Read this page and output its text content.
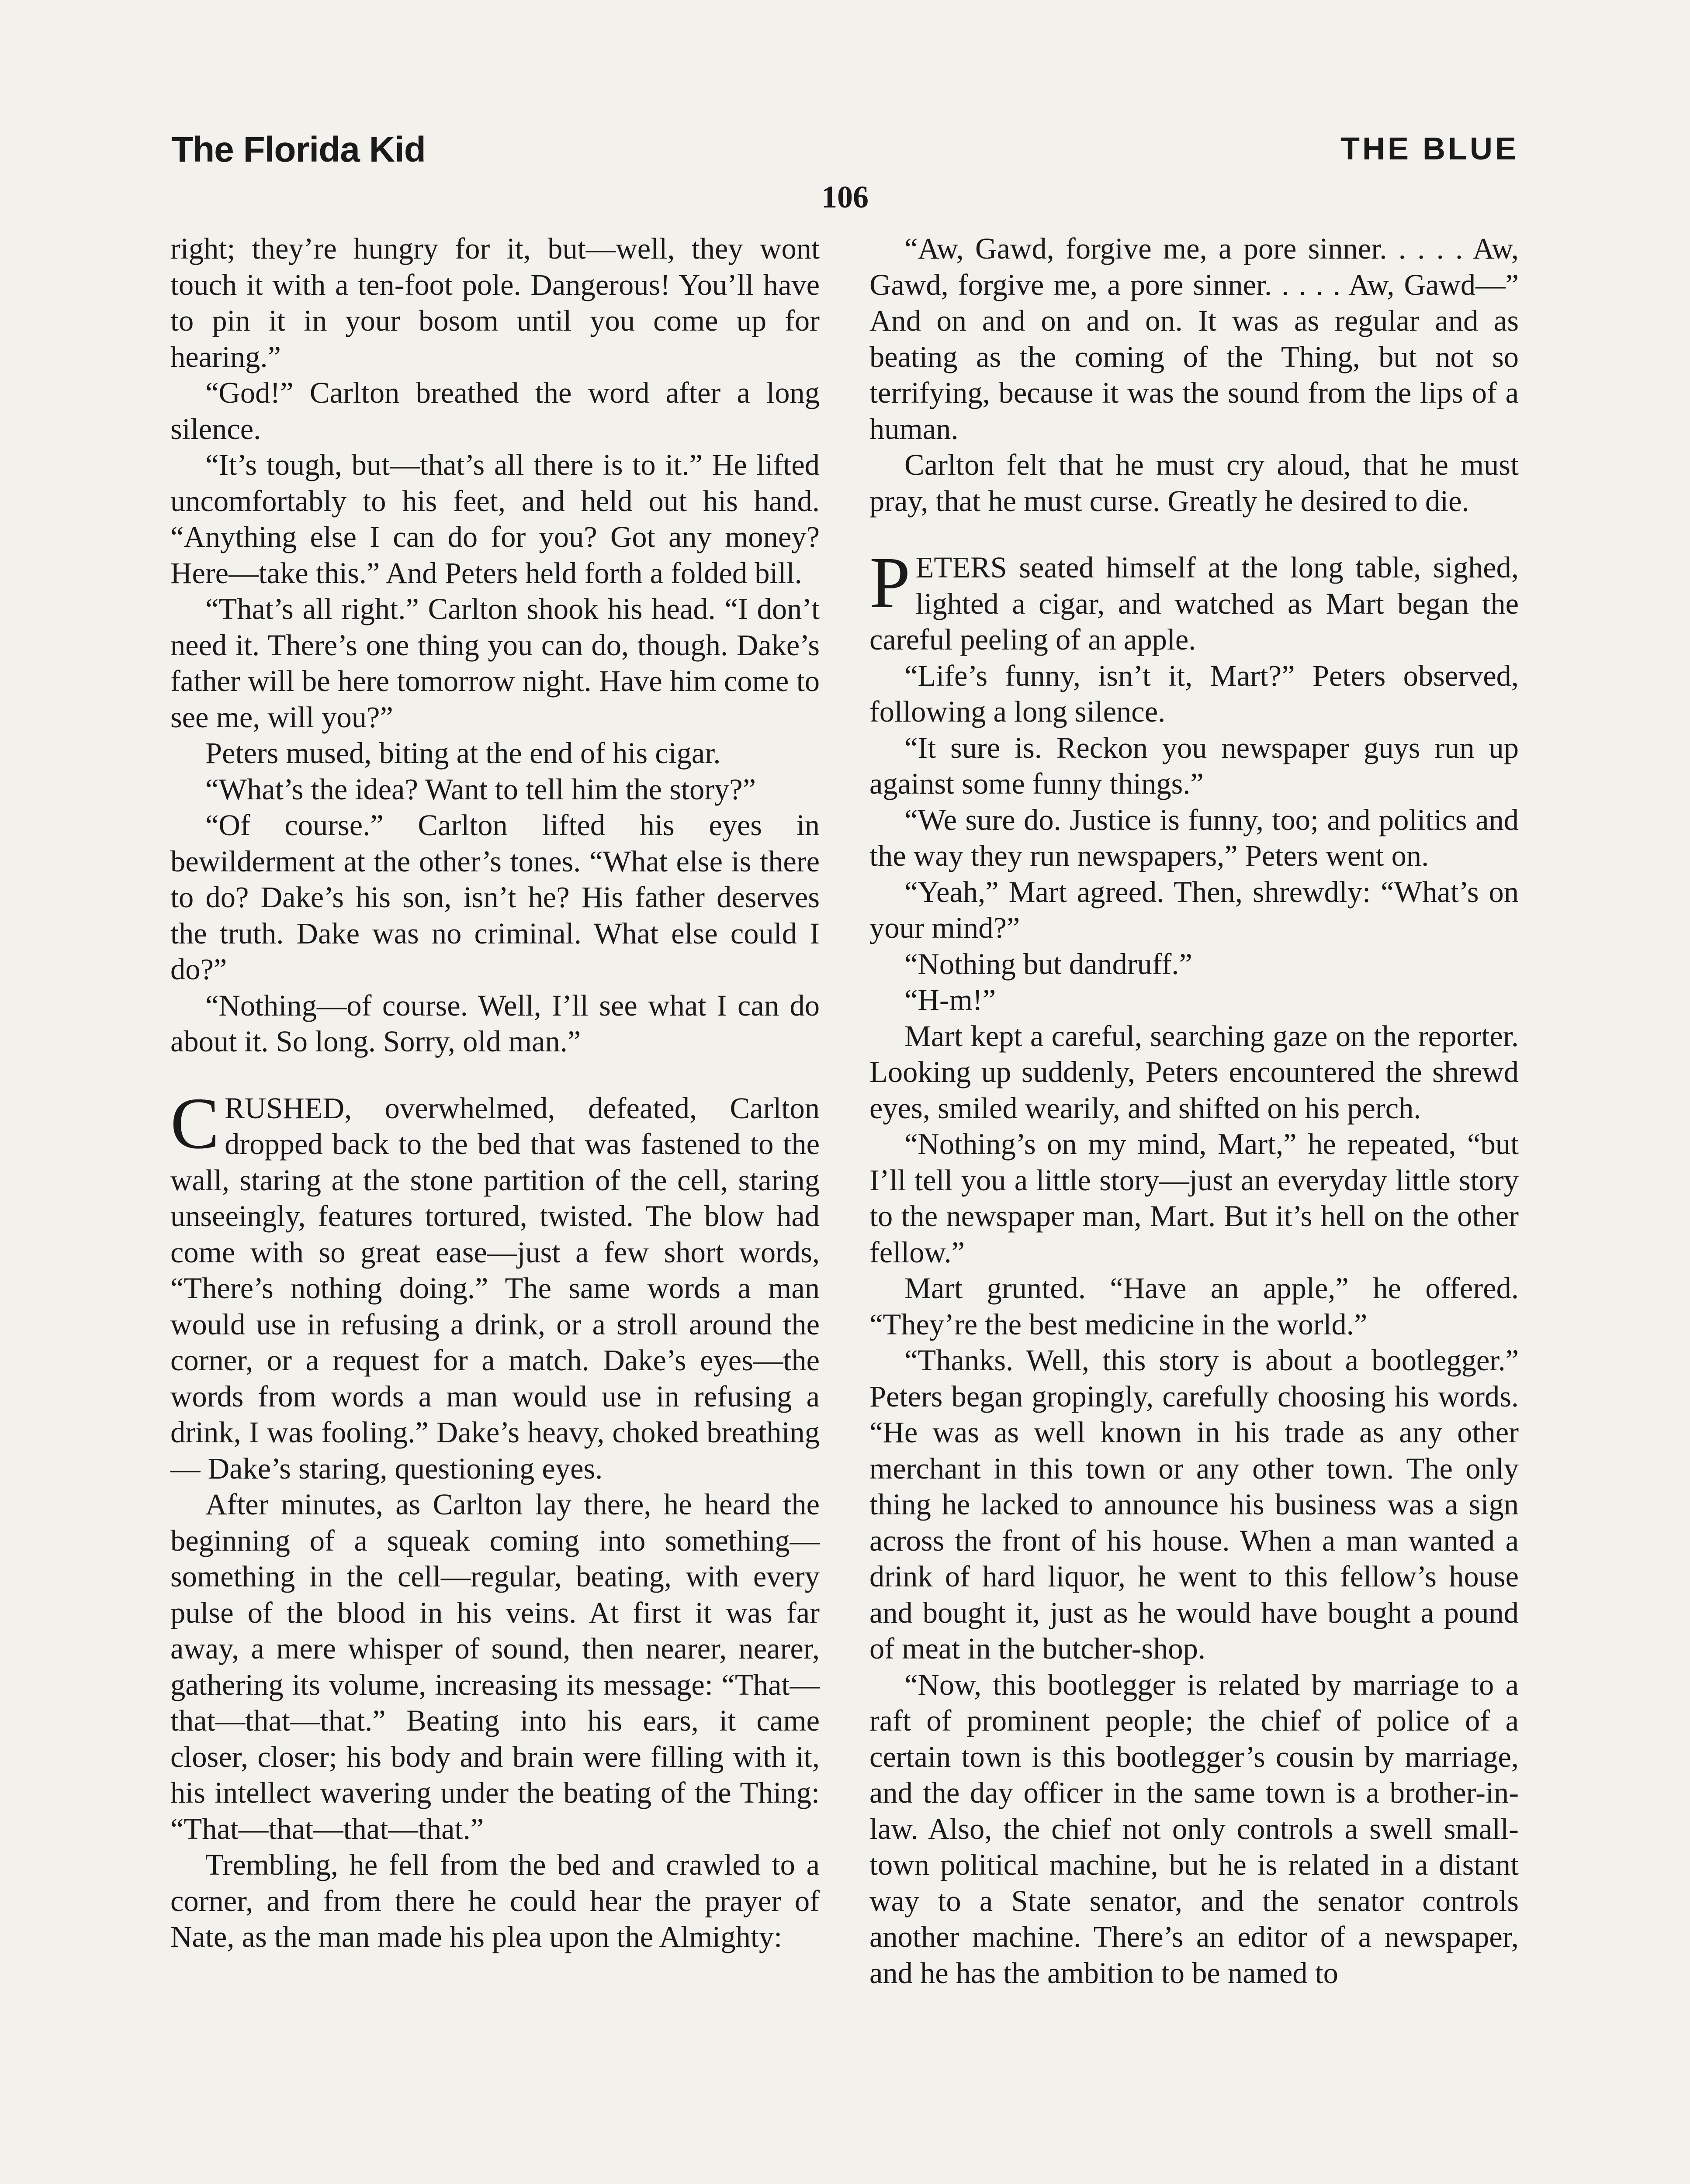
The Florida Kid	THE BLUE
106

right; they’re hungry for it, but—well, they wont touch it with a ten-foot pole. Dangerous! You’ll have to pin it in your bosom until you come up for hearing.”

“God!” Carlton breathed the word after a long silence.

“It’s tough, but—that’s all there is to it.” He lifted uncomfortably to his feet, and held out his hand. “Anything else I can do for you? Got any money? Here—take this.” And Peters held forth a folded bill.

“That’s all right.” Carlton shook his head. “I don’t need it. There’s one thing you can do, though. Dake’s father will be here tomorrow night. Have him come to see me, will you?”

Peters mused, biting at the end of his cigar.

“What’s the idea? Want to tell him the story?”

“Of course.” Carlton lifted his eyes in bewilderment at the other’s tones. “What else is there to do? Dake’s his son, isn’t he? His father deserves the truth. Dake was no criminal. What else could I do?”

“Nothing—of course. Well, I’ll see what I can do about it. So long. Sorry, old man.”

CRUSHED, overwhelmed, defeated, Carlton dropped back to the bed that was fastened to the wall, staring at the stone partition of the cell, staring unseeingly, features tortured, twisted. The blow had come with so great ease—just a few short words, “There’s nothing doing.” The same words a man would use in refusing a drink, or a stroll around the corner, or a request for a match. Dake’s eyes—the words from words a man would use in refusing a drink, I was fooling.” Dake’s heavy, choked breathing — Dake’s staring, questioning eyes.

After minutes, as Carlton lay there, he heard the beginning of a squeak coming into something—something in the cell—regular, beating, with every pulse of the blood in his veins. At first it was far away, a mere whisper of sound, then nearer, nearer, gathering its volume, increasing its message: “That—that—that—that.” Beating into his ears, it came closer, closer; his body and brain were filling with it, his intellect wavering under the beating of the Thing: “That—that—that—that.”

Trembling, he fell from the bed and crawled to a corner, and from there he could hear the prayer of Nate, as the man made his plea upon the Almighty:

“Aw, Gawd, forgive me, a pore sinner. . . . . Aw, Gawd, forgive me, a pore sinner. . . . . Aw, Gawd—” And on and on and on. It was as regular and as beating as the coming of the Thing, but not so terrifying, because it was the sound from the lips of a human.

Carlton felt that he must cry aloud, that he must pray, that he must curse. Greatly he desired to die.

PETERS seated himself at the long table, sighed, lighted a cigar, and watched as Mart began the careful peeling of an apple.

“Life’s funny, isn’t it, Mart?” Peters observed, following a long silence.

“It sure is. Reckon you newspaper guys run up against some funny things.”

“We sure do. Justice is funny, too; and politics and the way they run newspapers,” Peters went on.

“Yeah,” Mart agreed. Then, shrewdly: “What’s on your mind?”

“Nothing but dandruff.”

“H-m!”

Mart kept a careful, searching gaze on the reporter. Looking up suddenly, Peters encountered the shrewd eyes, smiled wearily, and shifted on his perch.

“Nothing’s on my mind, Mart,” he repeated, “but I’ll tell you a little story—just an everyday little story to the newspaper man, Mart. But it’s hell on the other fellow.”

Mart grunted. “Have an apple,” he offered. “They’re the best medicine in the world.”

“Thanks. Well, this story is about a bootlegger.” Peters began gropingly, carefully choosing his words. “He was as well known in his trade as any other merchant in this town or any other town. The only thing he lacked to announce his business was a sign across the front of his house. When a man wanted a drink of hard liquor, he went to this fellow’s house and bought it, just as he would have bought a pound of meat in the butcher-shop.

“Now, this bootlegger is related by marriage to a raft of prominent people; the chief of police of a certain town is this bootlegger’s cousin by marriage, and the day officer in the same town is a brother-in-law. Also, the chief not only controls a swell small-town political machine, but he is related in a distant way to a State senator, and the senator controls another machine. There’s an editor of a newspaper, and he has the ambition to be named to
